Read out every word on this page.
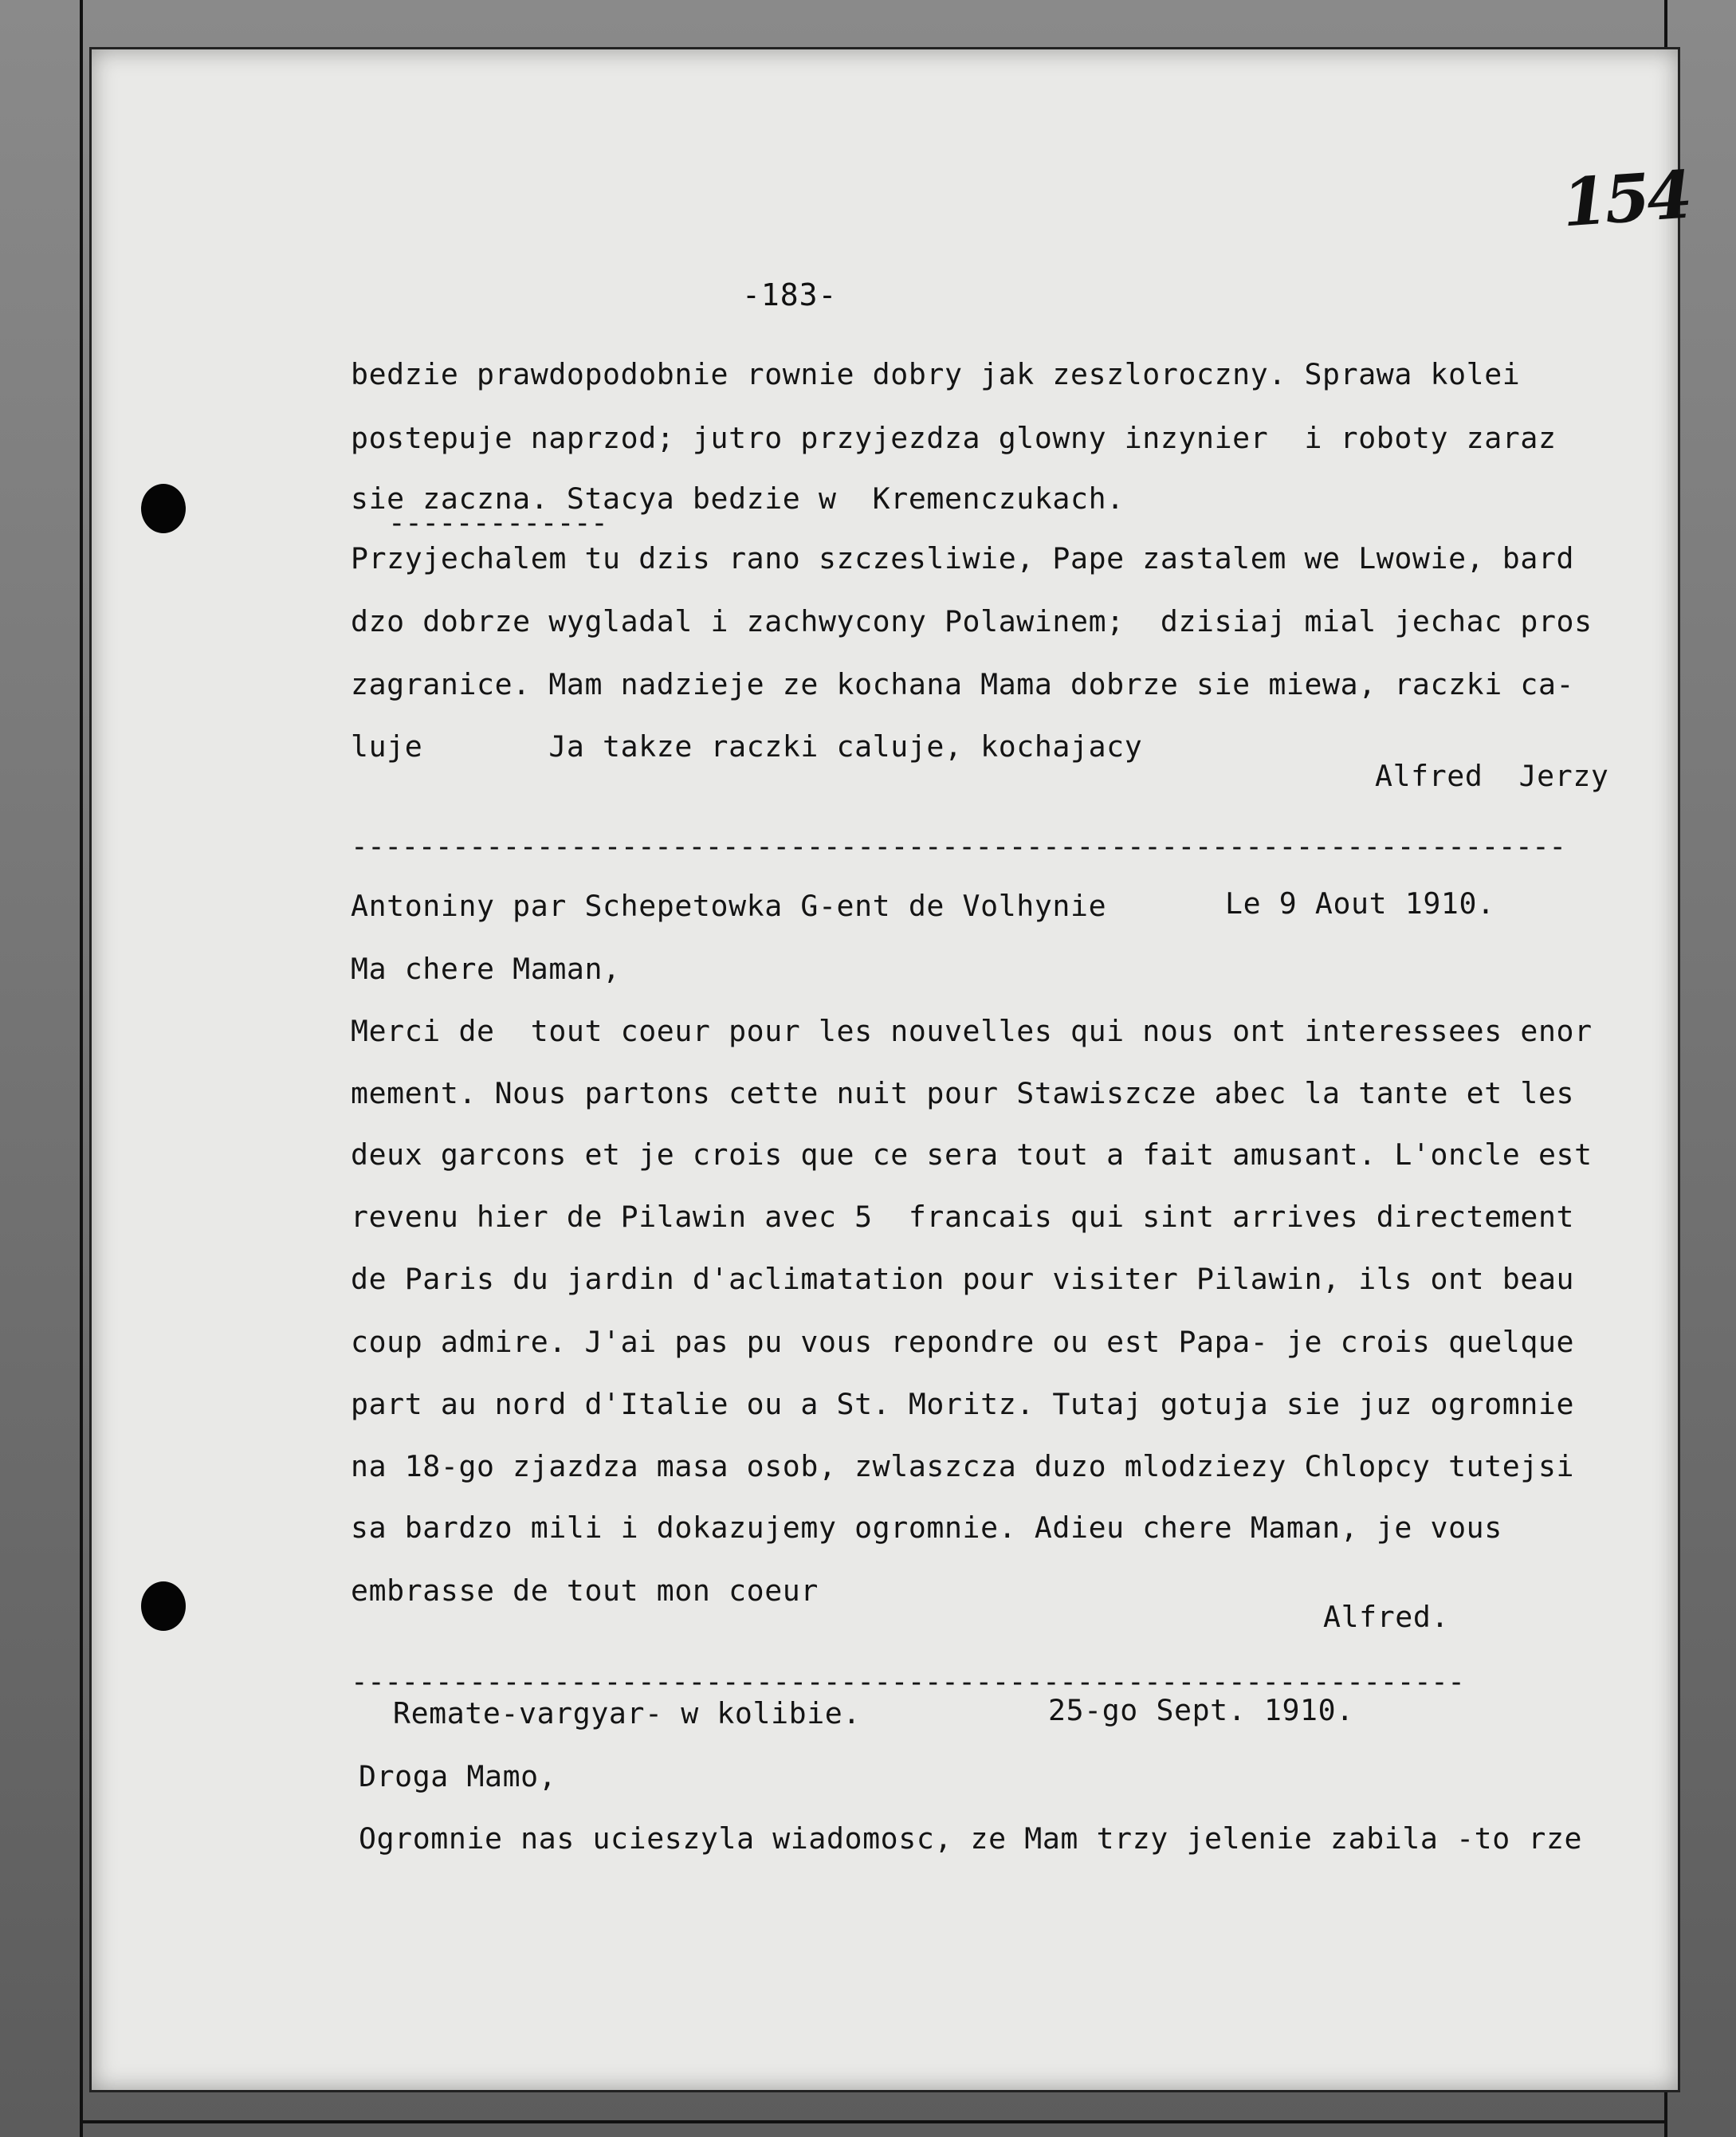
154
-183-
bedzie prawdopodobnie rownie dobry jak zeszloroczny. Sprawa kolei
postepuje naprzod; jutro przyjezdza glowny inzynier  i roboty zaraz
sie zaczna. Stacya bedzie w  Kremenczukach.
-------------
Przyjechalem tu dzis rano szczesliwie, Pape zastalem we Lwowie, bard
dzo dobrze wygladal i zachwycony Polawinem;  dzisiaj mial jechac pros
zagranice. Mam nadzieje ze kochana Mama dobrze sie miewa, raczki ca-
luje       Ja takze raczki caluje, kochajacy
Alfred  Jerzy
------------------------------------------------------------------------
Antoniny par Schepetowka G-ent de Volhynie	Le 9 Aout 1910.
Ma chere Maman,
Merci de  tout coeur pour les nouvelles qui nous ont interessees enor
mement. Nous partons cette nuit pour Stawiszcze abec la tante et les
deux garcons et je crois que ce sera tout a fait amusant. L'oncle est
revenu hier de Pilawin avec 5  francais qui sint arrives directement
de Paris du jardin d'aclimatation pour visiter Pilawin, ils ont beau
coup admire. J'ai pas pu vous repondre ou est Papa- je crois quelque
part au nord d'Italie ou a St. Moritz. Tutaj gotuja sie juz ogromnie
na 18-go zjazdza masa osob, zwlaszcza duzo mlodziezy Chlopcy tutejsi
sa bardzo mili i dokazujemy ogromnie. Adieu chere Maman, je vous
embrasse de tout mon coeur
Alfred.
------------------------------------------------------------------
Remate-vargyar- w kolibie.	25-go Sept. 1910.
Droga Mamo,
Ogromnie nas ucieszyla wiadomosc, ze Mam trzy jelenie zabila -to rze
